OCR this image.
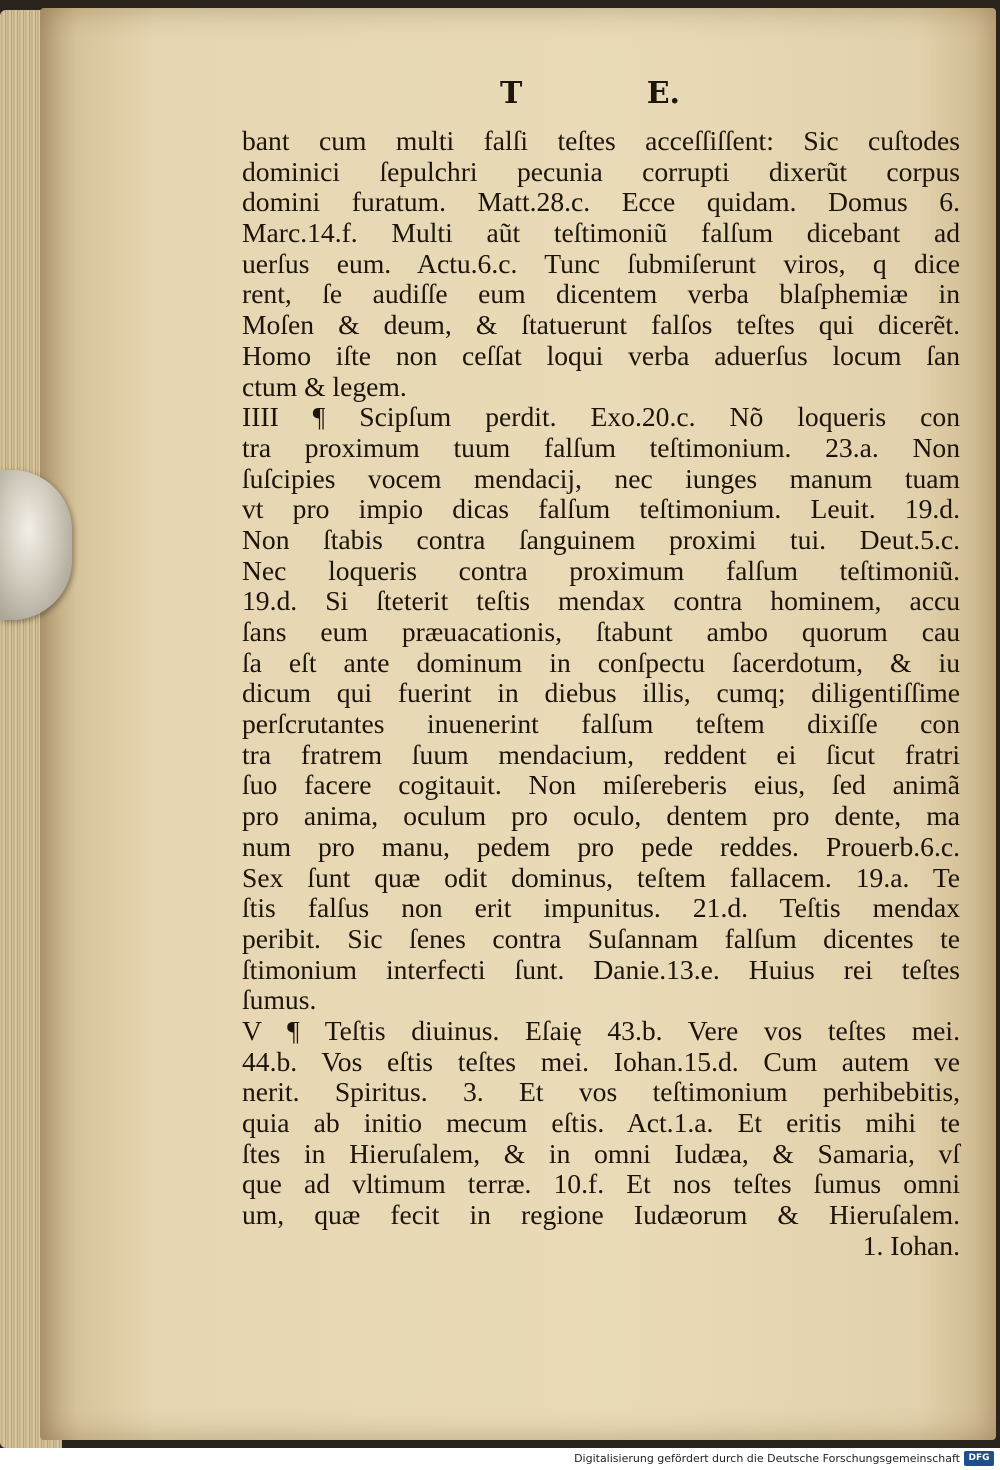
T	E.
bant cum multi falſi teſtes acceſſiſſent: Sic cuſtodes
dominici ſepulchri pecunia corrupti dixerũt corpus
domini furatum. Matt.28.c. Ecce quidam. Domus 6.
Marc.14.f. Multi aũt teſtimoniũ falſum dicebant ad
uerſus eum. Actu.6.c. Tunc ſubmiſerunt viros, q dice
rent, ſe audiſſe eum dicentem verba blaſphemiæ in
Moſen & deum, & ſtatuerunt falſos teſtes qui dicerẽt.
Homo iſte non ceſſat loqui verba aduerſus locum ſan
ctum & legem.
IIII ¶ Scipſum perdit. Exo.20.c. Nõ loqueris con
tra proximum tuum falſum teſtimonium. 23.a. Non
ſuſcipies vocem mendacij, nec iunges manum tuam
vt pro impio dicas falſum teſtimonium. Leuit. 19.d.
Non ſtabis contra ſanguinem proximi tui. Deut.5.c.
Nec loqueris contra proximum falſum teſtimoniũ.
19.d. Si ſteterit teſtis mendax contra hominem, accu
ſans eum præuacationis, ſtabunt ambo quorum cau
ſa eſt ante dominum in conſpectu ſacerdotum, & iu
dicum qui fuerint in diebus illis, cumq; diligentiſſime
perſcrutantes inuenerint falſum teſtem dixiſſe con
tra fratrem ſuum mendacium, reddent ei ſicut fratri
ſuo facere cogitauit. Non miſereberis eius, ſed animã
pro anima, oculum pro oculo, dentem pro dente, ma
num pro manu, pedem pro pede reddes. Prouerb.6.c.
Sex ſunt quæ odit dominus, teſtem fallacem. 19.a. Te
ſtis falſus non erit impunitus. 21.d. Teſtis mendax
peribit. Sic ſenes contra Suſannam falſum dicentes te
ſtimonium interfecti ſunt. Danie.13.e. Huius rei teſtes
ſumus.
V ¶ Teſtis diuinus. Eſaię 43.b. Vere vos teſtes mei.
44.b. Vos eſtis teſtes mei. Iohan.15.d. Cum autem ve
nerit. Spiritus. 3. Et vos teſtimonium perhibebitis,
quia ab initio mecum eſtis. Act.1.a. Et eritis mihi te
ſtes in Hieruſalem, & in omni Iudæa, & Samaria, vſ
que ad vltimum terræ. 10.f. Et nos teſtes ſumus omni
um, quæ fecit in regione Iudæorum & Hieruſalem.
1. Iohan.
Digitalisierung gefördert durch die Deutsche Forschungsgemeinschaft DFG
